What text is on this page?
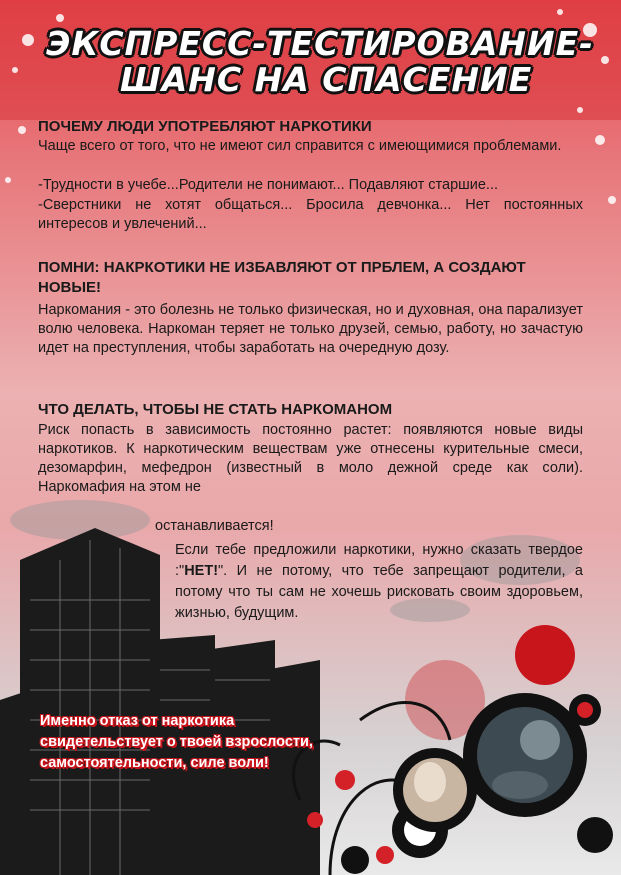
ЭКСПРЕСС-ТЕСТИРОВАНИЕ-
ШАНС НА СПАСЕНИЕ

ПОЧЕМУ ЛЮДИ УПОТРЕБЛЯЮТ НАРКОТИКИ

Чаще всего от того, что не имеют сил справится с имеющимися проблемами.

-Трудности в учебе...Родители не понимают... Подавляют старшие...

-Сверстники не хотят общаться... Бросила девчонка... Нет постоянных интересов и увлечений...

ПОМНИ: НАКРКОТИКИ НЕ ИЗБАВЛЯЮТ ОТ ПРБЛЕМ, А СОЗДАЮТ НОВЫЕ!

Наркомания - это болезнь не только физическая, но и духовная, она парализует волю человека. Наркоман теряет не только друзей, семью, работу, но зачастую идет на преступления, чтобы заработать на очередную дозу.

ЧТО ДЕЛАТЬ, ЧТОБЫ НЕ СТАТЬ НАРКОМАНОМ

Риск попасть в зависимость постоянно растет: появляются новые виды наркотиков. К наркотическим веществам уже отнесены курительные смеси, дезомарфин, мефедрон (известный в моло дежной среде как соли). Наркомафия на этом не

останавливается!

Если тебе предложили наркотики, нужно сказать твердое :"НЕТ!". И не потому, что тебе запрещают родители, а потому что ты сам не хочешь рисковать своим здоровьем, жизнью, будущим.

Именно отказ от наркотика
свидетельствует о твоей взрослости,
самостоятельности, силе воли!
